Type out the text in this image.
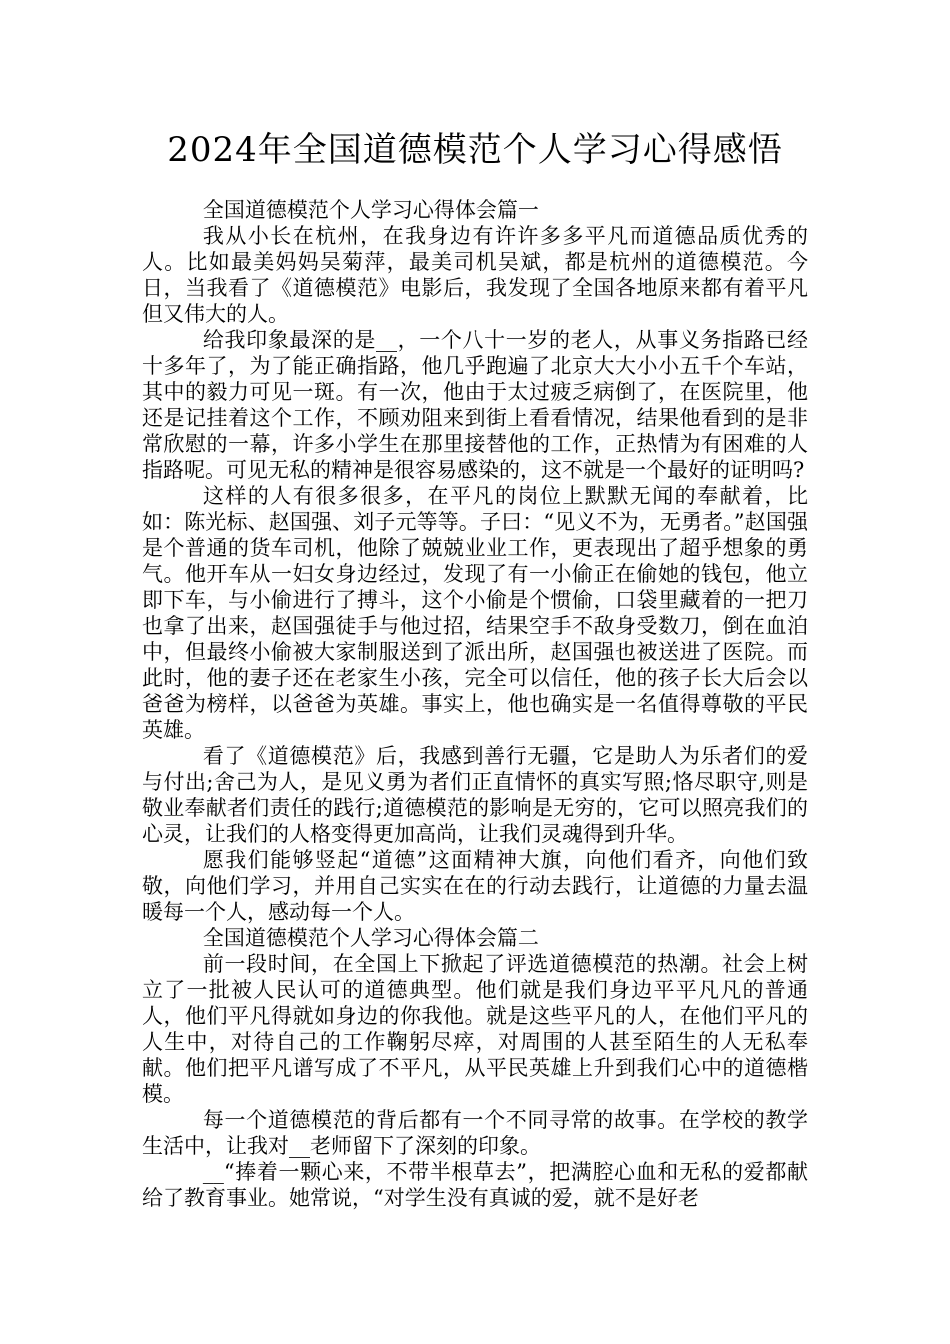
2024年全国道德模范个人学习心得感悟

全国道德模范个人学习心得体会篇一

我从小长在杭州，在我身边有许许多多平凡而道德品质优秀的人。比如最美妈妈吴菊萍，最美司机吴斌，都是杭州的道德模范。今日，当我看了《道德模范》电影后，我发现了全国各地原来都有着平凡但又伟大的人。

给我印象最深的是__，一个八十一岁的老人，从事义务指路已经十多年了，为了能正确指路，他几乎跑遍了北京大大小小五千个车站，其中的毅力可见一斑。有一次，他由于太过疲乏病倒了，在医院里，他还是记挂着这个工作，不顾劝阻来到街上看看情况，结果他看到的是非常欣慰的一幕，许多小学生在那里接替他的工作，正热情为有困难的人指路呢。可见无私的精神是很容易感染的，这不就是一个最好的证明吗?

这样的人有很多很多，在平凡的岗位上默默无闻的奉献着，比如：陈光标、赵国强、刘子元等等。子曰：“见义不为，无勇者。”赵国强是个普通的货车司机，他除了兢兢业业工作，更表现出了超乎想象的勇气。他开车从一妇女身边经过，发现了有一小偷正在偷她的钱包，他立即下车，与小偷进行了搏斗，这个小偷是个惯偷，口袋里藏着的一把刀也拿了出来，赵国强徒手与他过招，结果空手不敌身受数刀，倒在血泊中，但最终小偷被大家制服送到了派出所，赵国强也被送进了医院。而此时，他的妻子还在老家生小孩，完全可以信任，他的孩子长大后会以爸爸为榜样，以爸爸为英雄。事实上，他也确实是一名值得尊敬的平民英雄。

看了《道德模范》后，我感到善行无疆，它是助人为乐者们的爱与付出;舍己为人，是见义勇为者们正直情怀的真实写照;恪尽职守,则是敬业奉献者们责任的践行;道德模范的影响是无穷的，它可以照亮我们的心灵，让我们的人格变得更加高尚，让我们灵魂得到升华。

愿我们能够竖起“道德”这面精神大旗，向他们看齐，向他们致敬，向他们学习，并用自己实实在在的行动去践行，让道德的力量去温暖每一个人，感动每一个人。

全国道德模范个人学习心得体会篇二

前一段时间，在全国上下掀起了评选道德模范的热潮。社会上树立了一批被人民认可的道德典型。他们就是我们身边平平凡凡的普通人，他们平凡得就如身边的你我他。就是这些平凡的人，在他们平凡的人生中，对待自己的工作鞠躬尽瘁，对周围的人甚至陌生的人无私奉献。他们把平凡谱写成了不平凡，从平民英雄上升到我们心中的道德楷模。

每一个道德模范的背后都有一个不同寻常的故事。在学校的教学生活中，让我对__老师留下了深刻的印象。

__“捧着一颗心来，不带半根草去”，把满腔心血和无私的爱都献给了教育事业。她常说，“对学生没有真诚的爱，就不是好老
